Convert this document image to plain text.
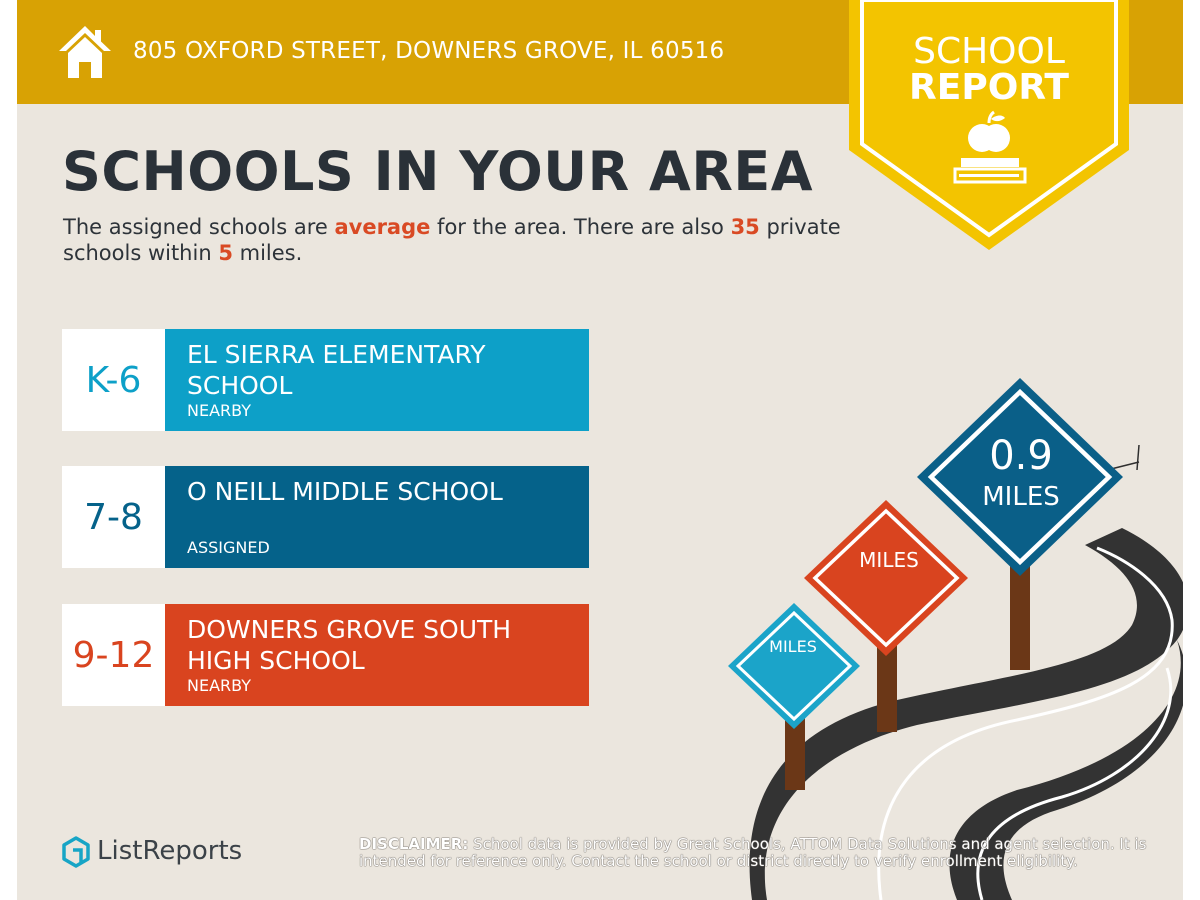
805 OXFORD STREET, DOWNERS GROVE, IL 60516	SCHOOL
REPORT
SCHOOLS IN YOUR AREA
The assigned schools are average for the area. There are also 35 private schools within 5 miles.
K-6
EL SIERRA ELEMENTARY SCHOOL
NEARBY
7-8
O NEILL MIDDLE SCHOOL
ASSIGNED
9-12
DOWNERS GROVE SOUTH HIGH SCHOOL
NEARBY
MILES
MILES
0.9
MILES
ListReports	DISCLAIMER: School data is provided by Great Schools, ATTOM Data Solutions and agent selection. It is intended for reference only. Contact the school or district directly to verify enrollment eligibility.
